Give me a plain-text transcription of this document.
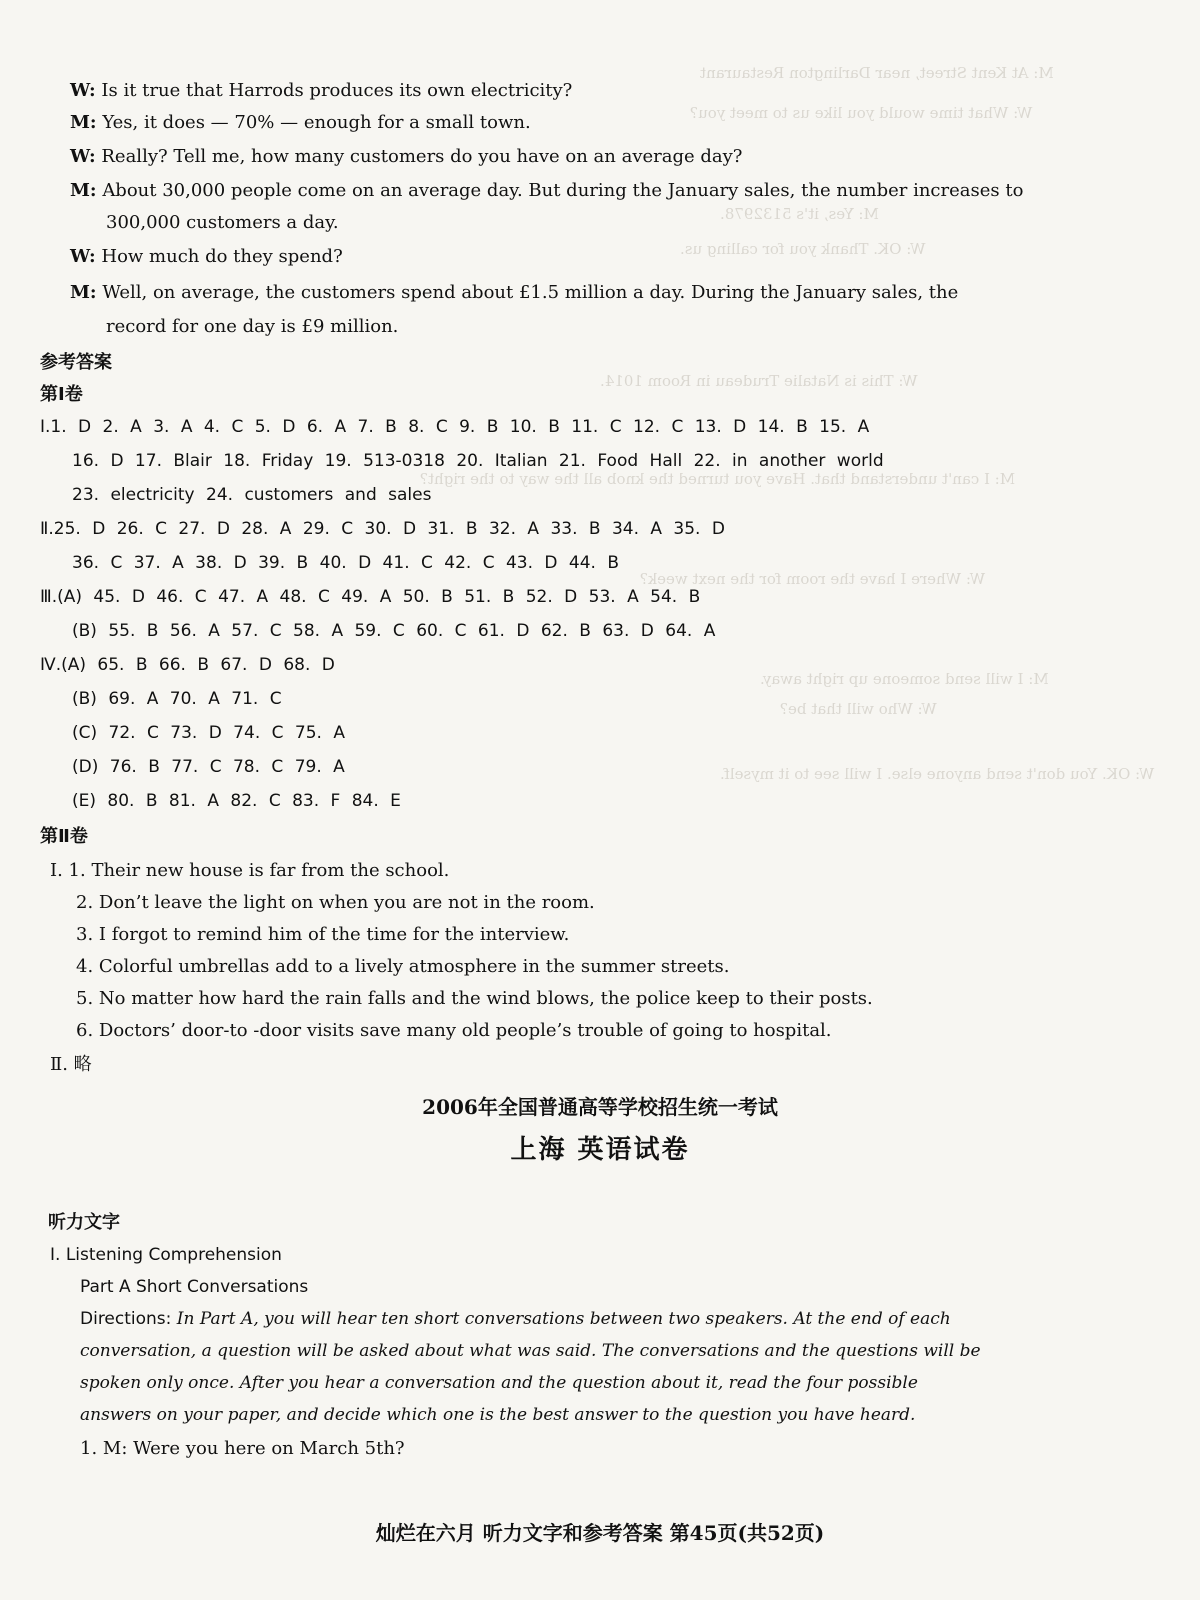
M: At Kent Street, near Darlington Restaurant
W: What time would you like us to meet you?
M: Yes, it's 5132978.
W: OK. Thank you for calling us.
W: This is Natalie Trudeau in Room 1014.
M: I can't understand that. Have you turned the knob all the way to the right?
W: Where I have the room for the next week?
M: I will send someone up right away.
W: Who will that be?
W: OK. You don't send anyone else. I will see to it myself.
W: Is it true that Harrods produces its own electricity?
M: Yes, it does — 70% — enough for a small town.
W: Really? Tell me, how many customers do you have on an average day?
M: About 30,000 people come on an average day. But during the January sales, the number increases to
300,000 customers a day.
W: How much do they spend?
M: Well, on average, the customers spend about £1.5 million a day. During the January sales, the
record for one day is £9 million.
参考答案
第Ⅰ卷
Ⅰ.1. D 2. A 3. A 4. C 5. D 6. A 7. B 8. C 9. B 10. B 11. C 12. C 13. D 14. B 15. A
16. D 17. Blair 18. Friday 19. 513-0318 20. Italian 21. Food Hall 22. in another world
23. electricity 24. customers and sales
Ⅱ.25. D 26. C 27. D 28. A 29. C 30. D 31. B 32. A 33. B 34. A 35. D
36. C 37. A 38. D 39. B 40. D 41. C 42. C 43. D 44. B
Ⅲ.(A) 45. D 46. C 47. A 48. C 49. A 50. B 51. B 52. D 53. A 54. B
(B) 55. B 56. A 57. C 58. A 59. C 60. C 61. D 62. B 63. D 64. A
Ⅳ.(A) 65. B 66. B 67. D 68. D
(B) 69. A 70. A 71. C
(C) 72. C 73. D 74. C 75. A
(D) 76. B 77. C 78. C 79. A
(E) 80. B 81. A 82. C 83. F 84. E
第Ⅱ卷
Ⅰ. 1. Their new house is far from the school.
2. Don’t leave the light on when you are not in the room.
3. I forgot to remind him of the time for the interview.
4. Colorful umbrellas add to a lively atmosphere in the summer streets.
5. No matter how hard the rain falls and the wind blows, the police keep to their posts.
6. Doctors’ door-to -door visits save many old people’s trouble of going to hospital.
Ⅱ. 略
2006年全国普通高等学校招生统一考试
上海 英语试卷
听力文字
Ⅰ. Listening Comprehension
Part A Short Conversations
Directions: In Part A, you will hear ten short conversations between two speakers. At the end of each
conversation, a question will be asked about what was said. The conversations and the questions will be
spoken only once. After you hear a conversation and the question about it, read the four possible
answers on your paper, and decide which one is the best answer to the question you have heard.
1. M: Were you here on March 5th?
灿烂在六月 听力文字和参考答案 第45页(共52页)
